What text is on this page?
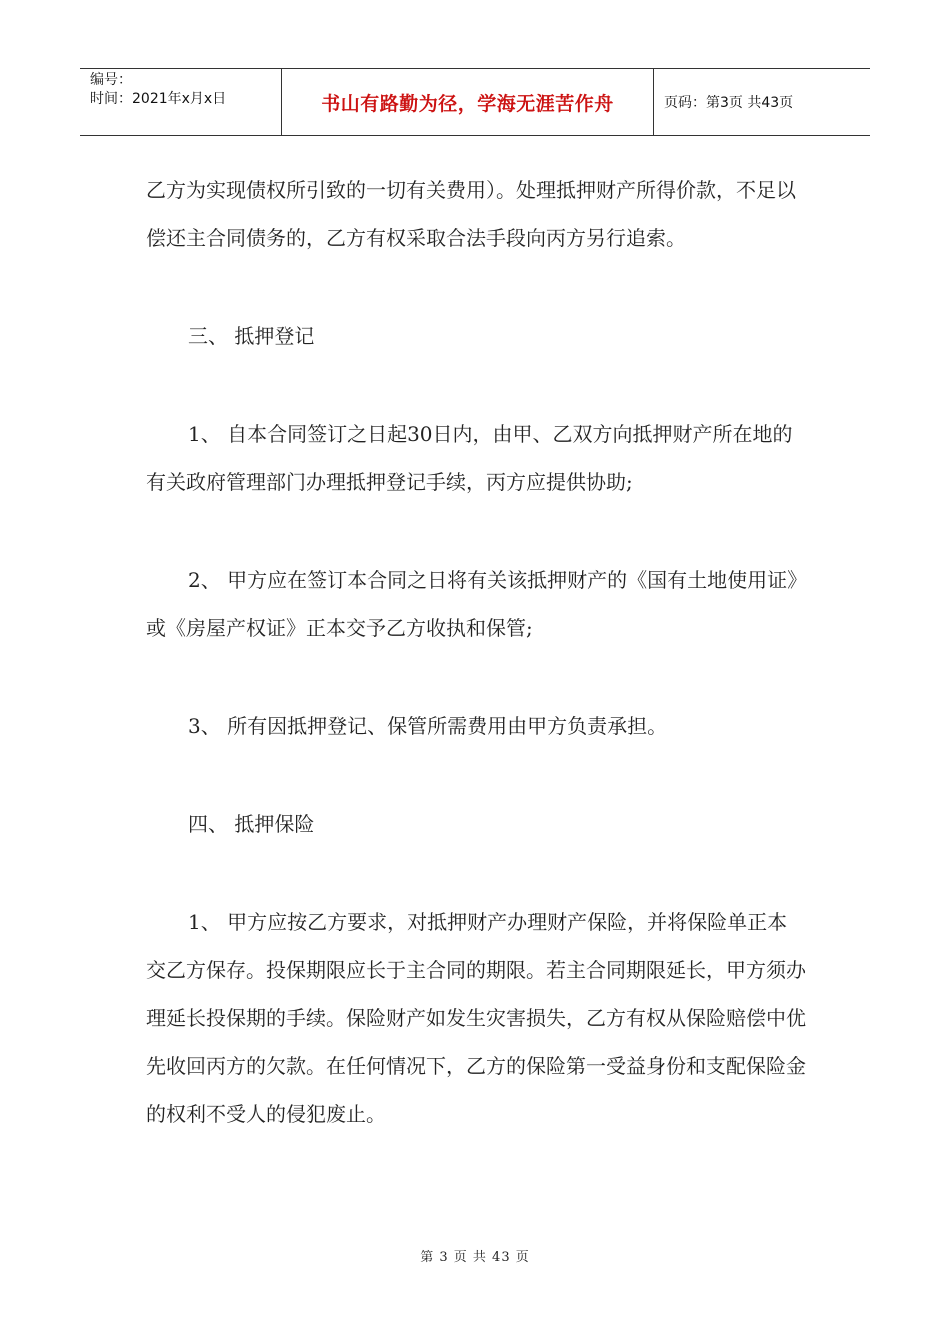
编号：
时间：2021年x月x日	书山有路勤为径，学海无涯苦作舟	页码：第3页 共43页

乙方为实现债权所引致的一切有关费用）。处理抵押财产所得价款，不足以偿还主合同债务的，乙方有权采取合法手段向丙方另行追索。

三、 抵押登记

1、 自本合同签订之日起30日内，由甲、乙双方向抵押财产所在地的有关政府管理部门办理抵押登记手续，丙方应提供协助;

2、 甲方应在签订本合同之日将有关该抵押财产的《国有土地使用证》或《房屋产权证》正本交予乙方收执和保管;

3、 所有因抵押登记、保管所需费用由甲方负责承担。

四、 抵押保险

1、 甲方应按乙方要求，对抵押财产办理财产保险，并将保险单正本交乙方保存。投保期限应长于主合同的期限。若主合同期限延长，甲方须办理延长投保期的手续。保险财产如发生灾害损失，乙方有权从保险赔偿中优先收回丙方的欠款。在任何情况下，乙方的保险第一受益身份和支配保险金的权利不受人的侵犯废止。

第 3 页 共 43 页
